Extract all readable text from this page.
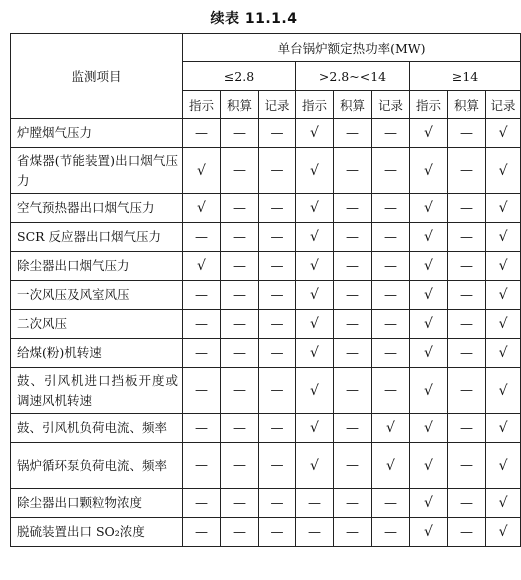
续表 11.1.4
监测项目	单台锅炉额定热功率(MW)								
	≤2.8			>2.8~<14			≥14		
	指示	积算	记录	指示	积算	记录	指示	积算	记录

炉膛烟气压力	—	—	—	√	—	—	√	—	√

省煤器(节能装置)出口烟气压力	√	—	—	√	—	—	√	—	√

空气预热器出口烟气压力	√	—	—	√	—	—	√	—	√

SCR 反应器出口烟气压力	—	—	—	√	—	—	√	—	√

除尘器出口烟气压力	√	—	—	√	—	—	√	—	√

一次风压及风室风压	—	—	—	√	—	—	√	—	√

二次风压	—	—	—	√	—	—	√	—	√

给煤(粉)机转速	—	—	—	√	—	—	√	—	√

鼓、引风机进口挡板开度或调速风机转速	—	—	—	√	—	—	√	—	√

鼓、引风机负荷电流、频率	—	—	—	√	—	√	√	—	√

锅炉循环泵负荷电流、频率	—	—	—	√	—	√	√	—	√

除尘器出口颗粒物浓度	—	—	—	—	—	—	√	—	√

脱硫装置出口 SO₂浓度	—	—	—	—	—	—	√	—	√
